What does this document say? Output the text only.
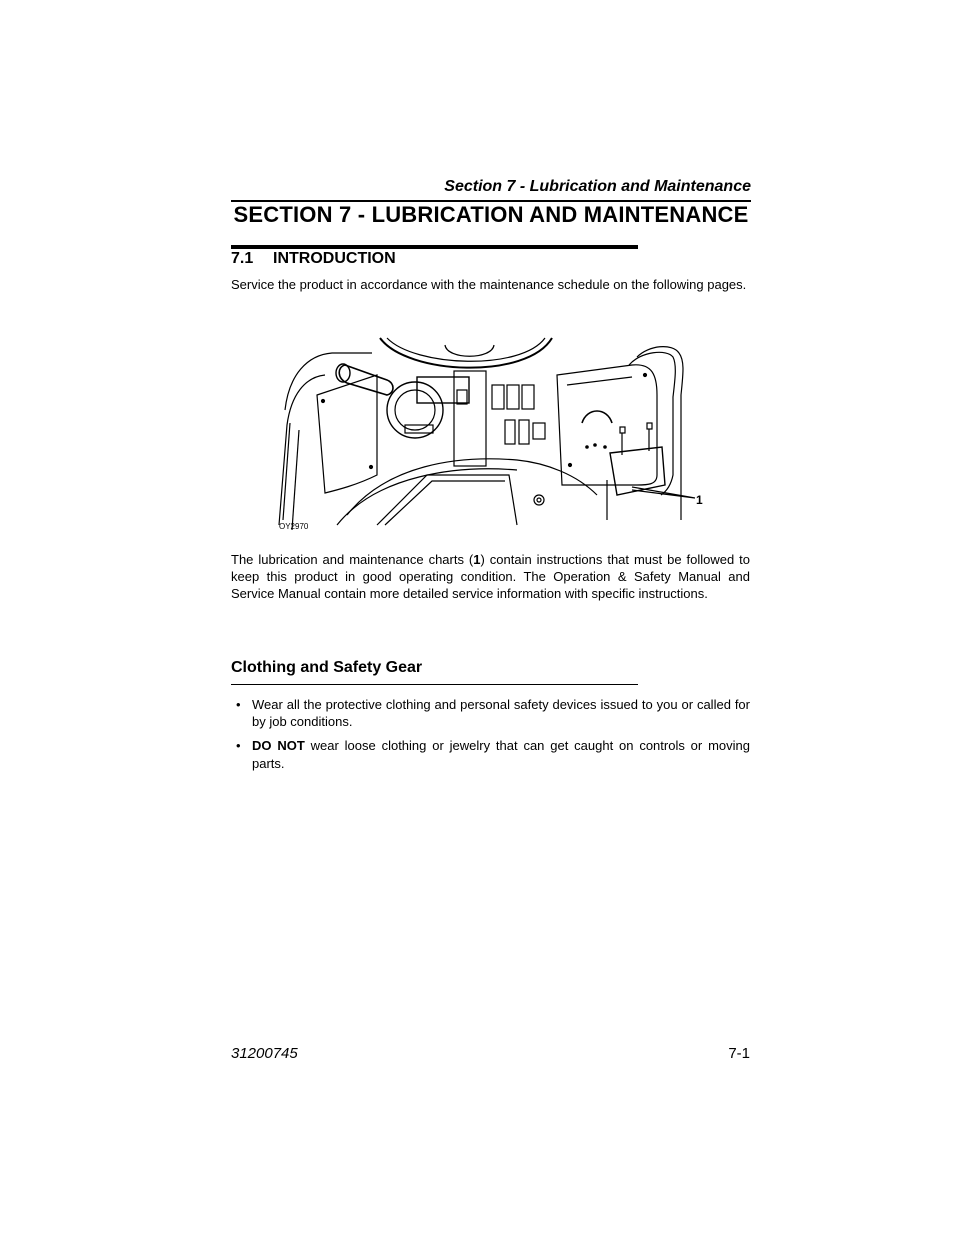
Section 7 - Lubrication and Maintenance
SECTION 7 - LUBRICATION AND MAINTENANCE
7.1 INTRODUCTION
Service the product in accordance with the maintenance schedule on the following pages.
OY2970
1
The lubrication and maintenance charts (1) contain instructions that must be followed to keep this product in good operating condition. The Operation & Safety Manual and Service Manual contain more detailed service information with specific instructions.
Clothing and Safety Gear
• Wear all the protective clothing and personal safety devices issued to you or called for by job conditions.
• DO NOT wear loose clothing or jewelry that can get caught on controls or moving parts.
31200745	7-1
